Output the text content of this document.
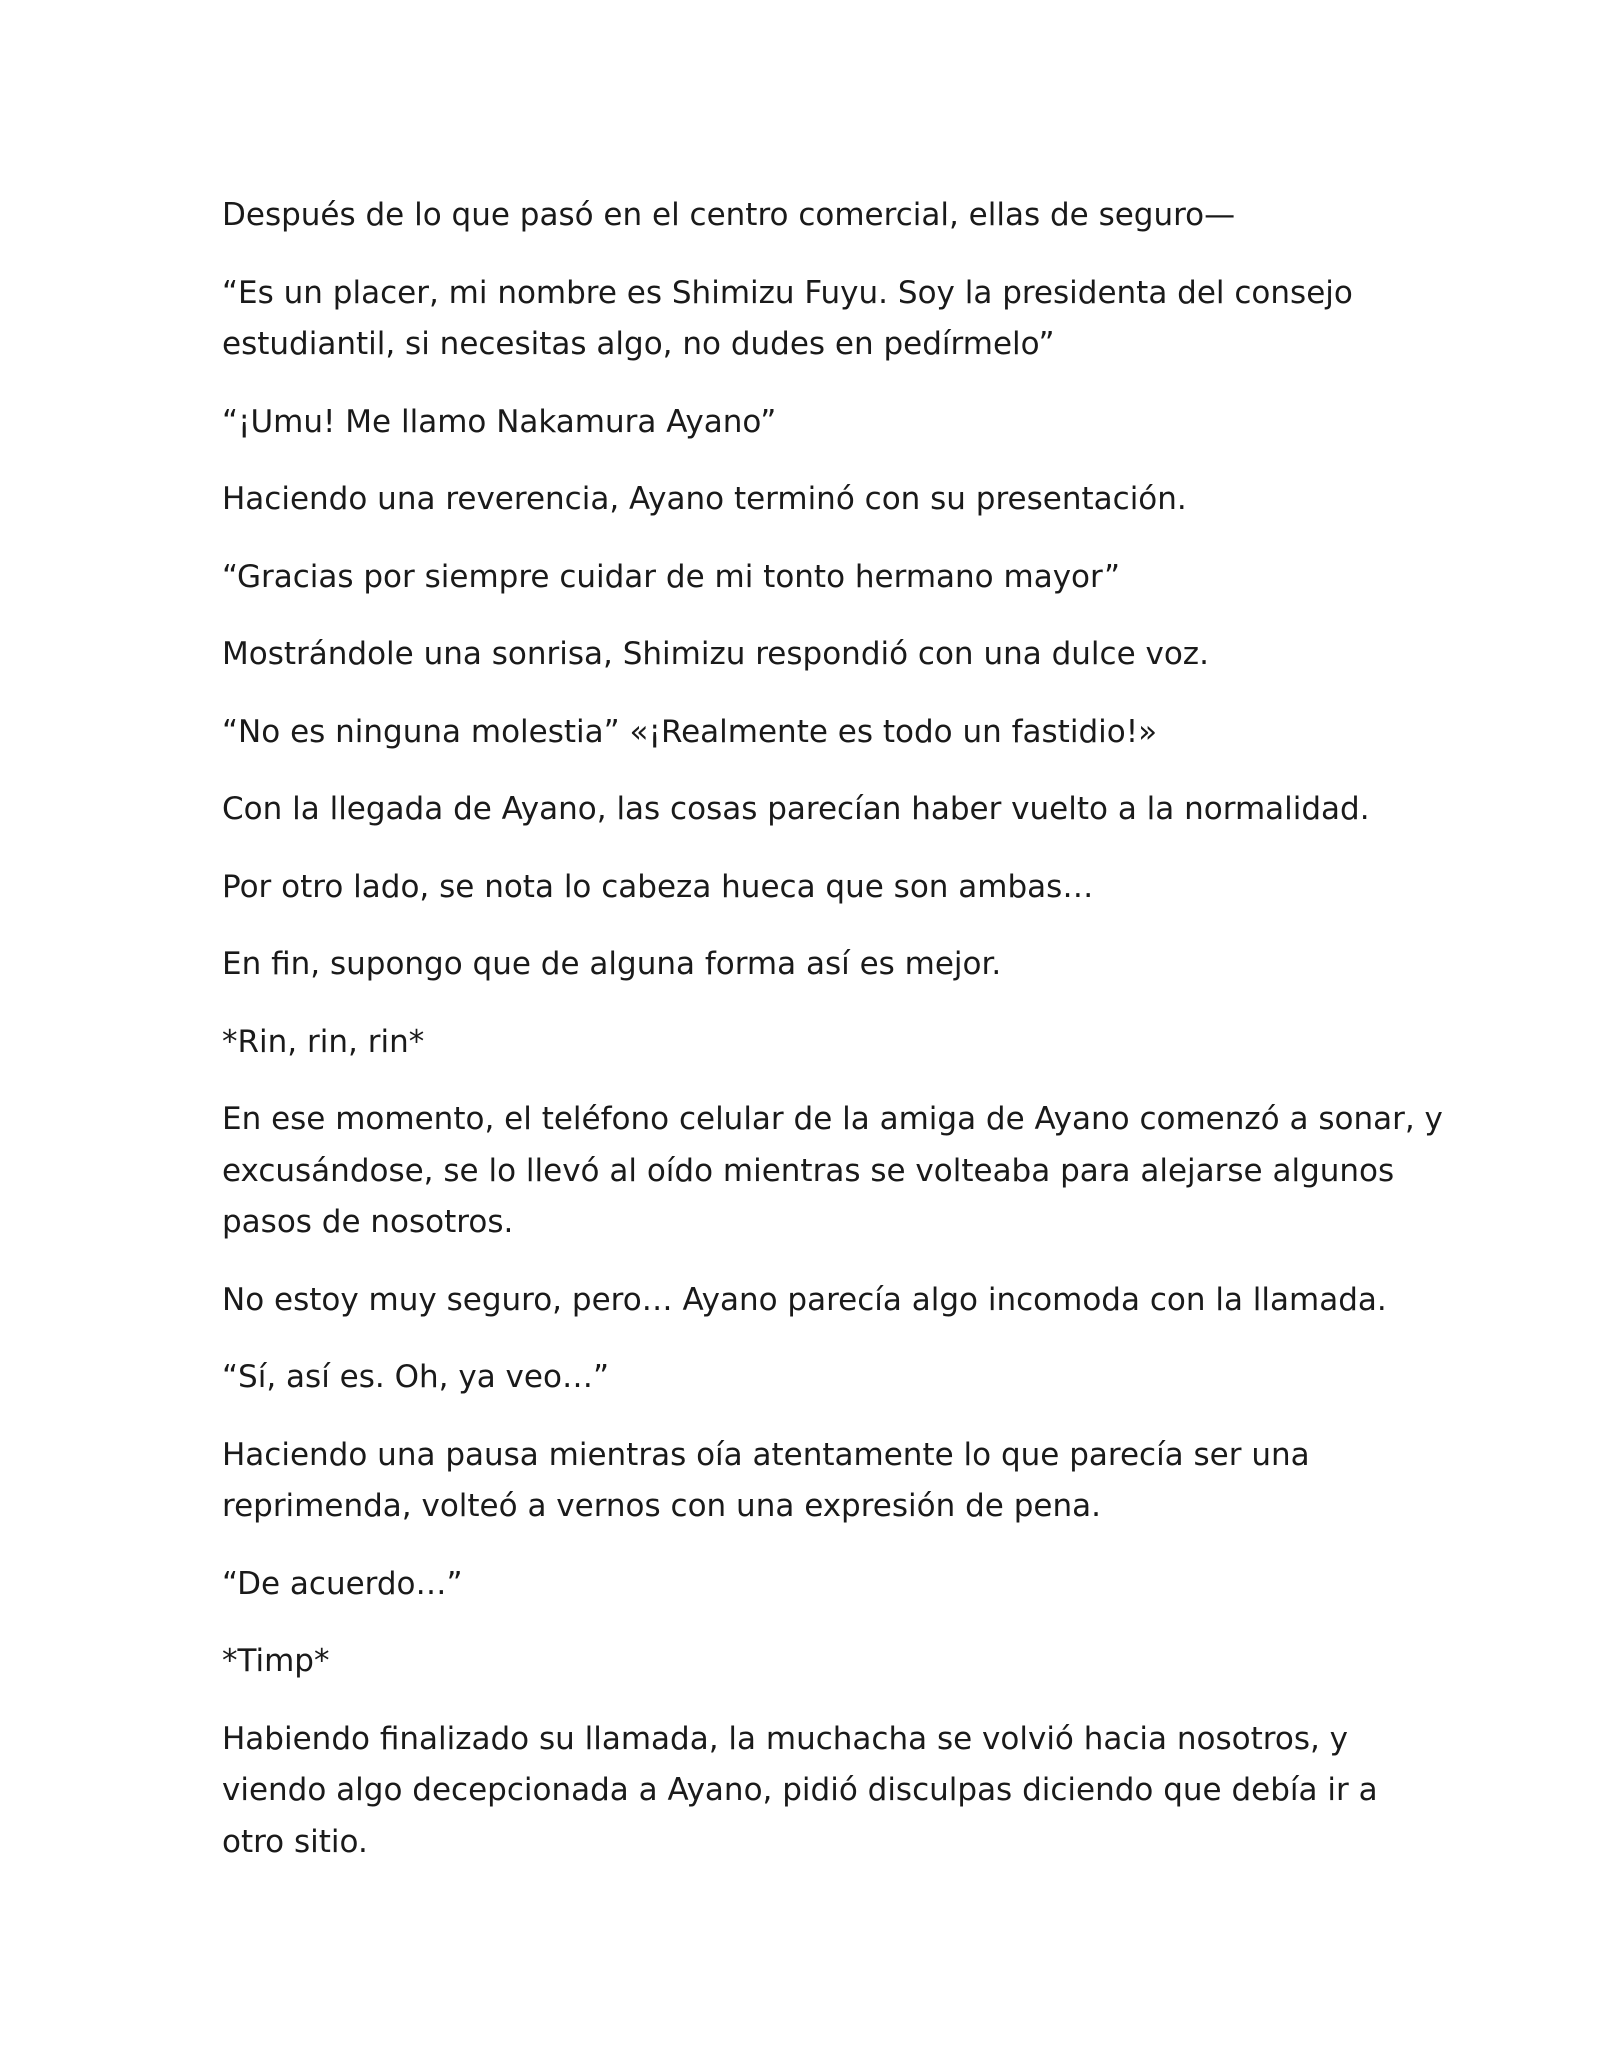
Después de lo que pasó en el centro comercial, ellas de seguro—

“Es un placer, mi nombre es Shimizu Fuyu. Soy la presidenta del consejo
estudiantil, si necesitas algo, no dudes en pedírmelo”

“¡Umu! Me llamo Nakamura Ayano”

Haciendo una reverencia, Ayano terminó con su presentación.

“Gracias por siempre cuidar de mi tonto hermano mayor”

Mostrándole una sonrisa, Shimizu respondió con una dulce voz.

“No es ninguna molestia” «¡Realmente es todo un fastidio!»

Con la llegada de Ayano, las cosas parecían haber vuelto a la normalidad.

Por otro lado, se nota lo cabeza hueca que son ambas…

En fin, supongo que de alguna forma así es mejor.

*Rin, rin, rin*

En ese momento, el teléfono celular de la amiga de Ayano comenzó a sonar, y
excusándose, se lo llevó al oído mientras se volteaba para alejarse algunos
pasos de nosotros.

No estoy muy seguro, pero… Ayano parecía algo incomoda con la llamada.

“Sí, así es. Oh, ya veo…”

Haciendo una pausa mientras oía atentamente lo que parecía ser una
reprimenda, volteó a vernos con una expresión de pena.

“De acuerdo…”

*Timp*

Habiendo finalizado su llamada, la muchacha se volvió hacia nosotros, y
viendo algo decepcionada a Ayano, pidió disculpas diciendo que debía ir a
otro sitio.
